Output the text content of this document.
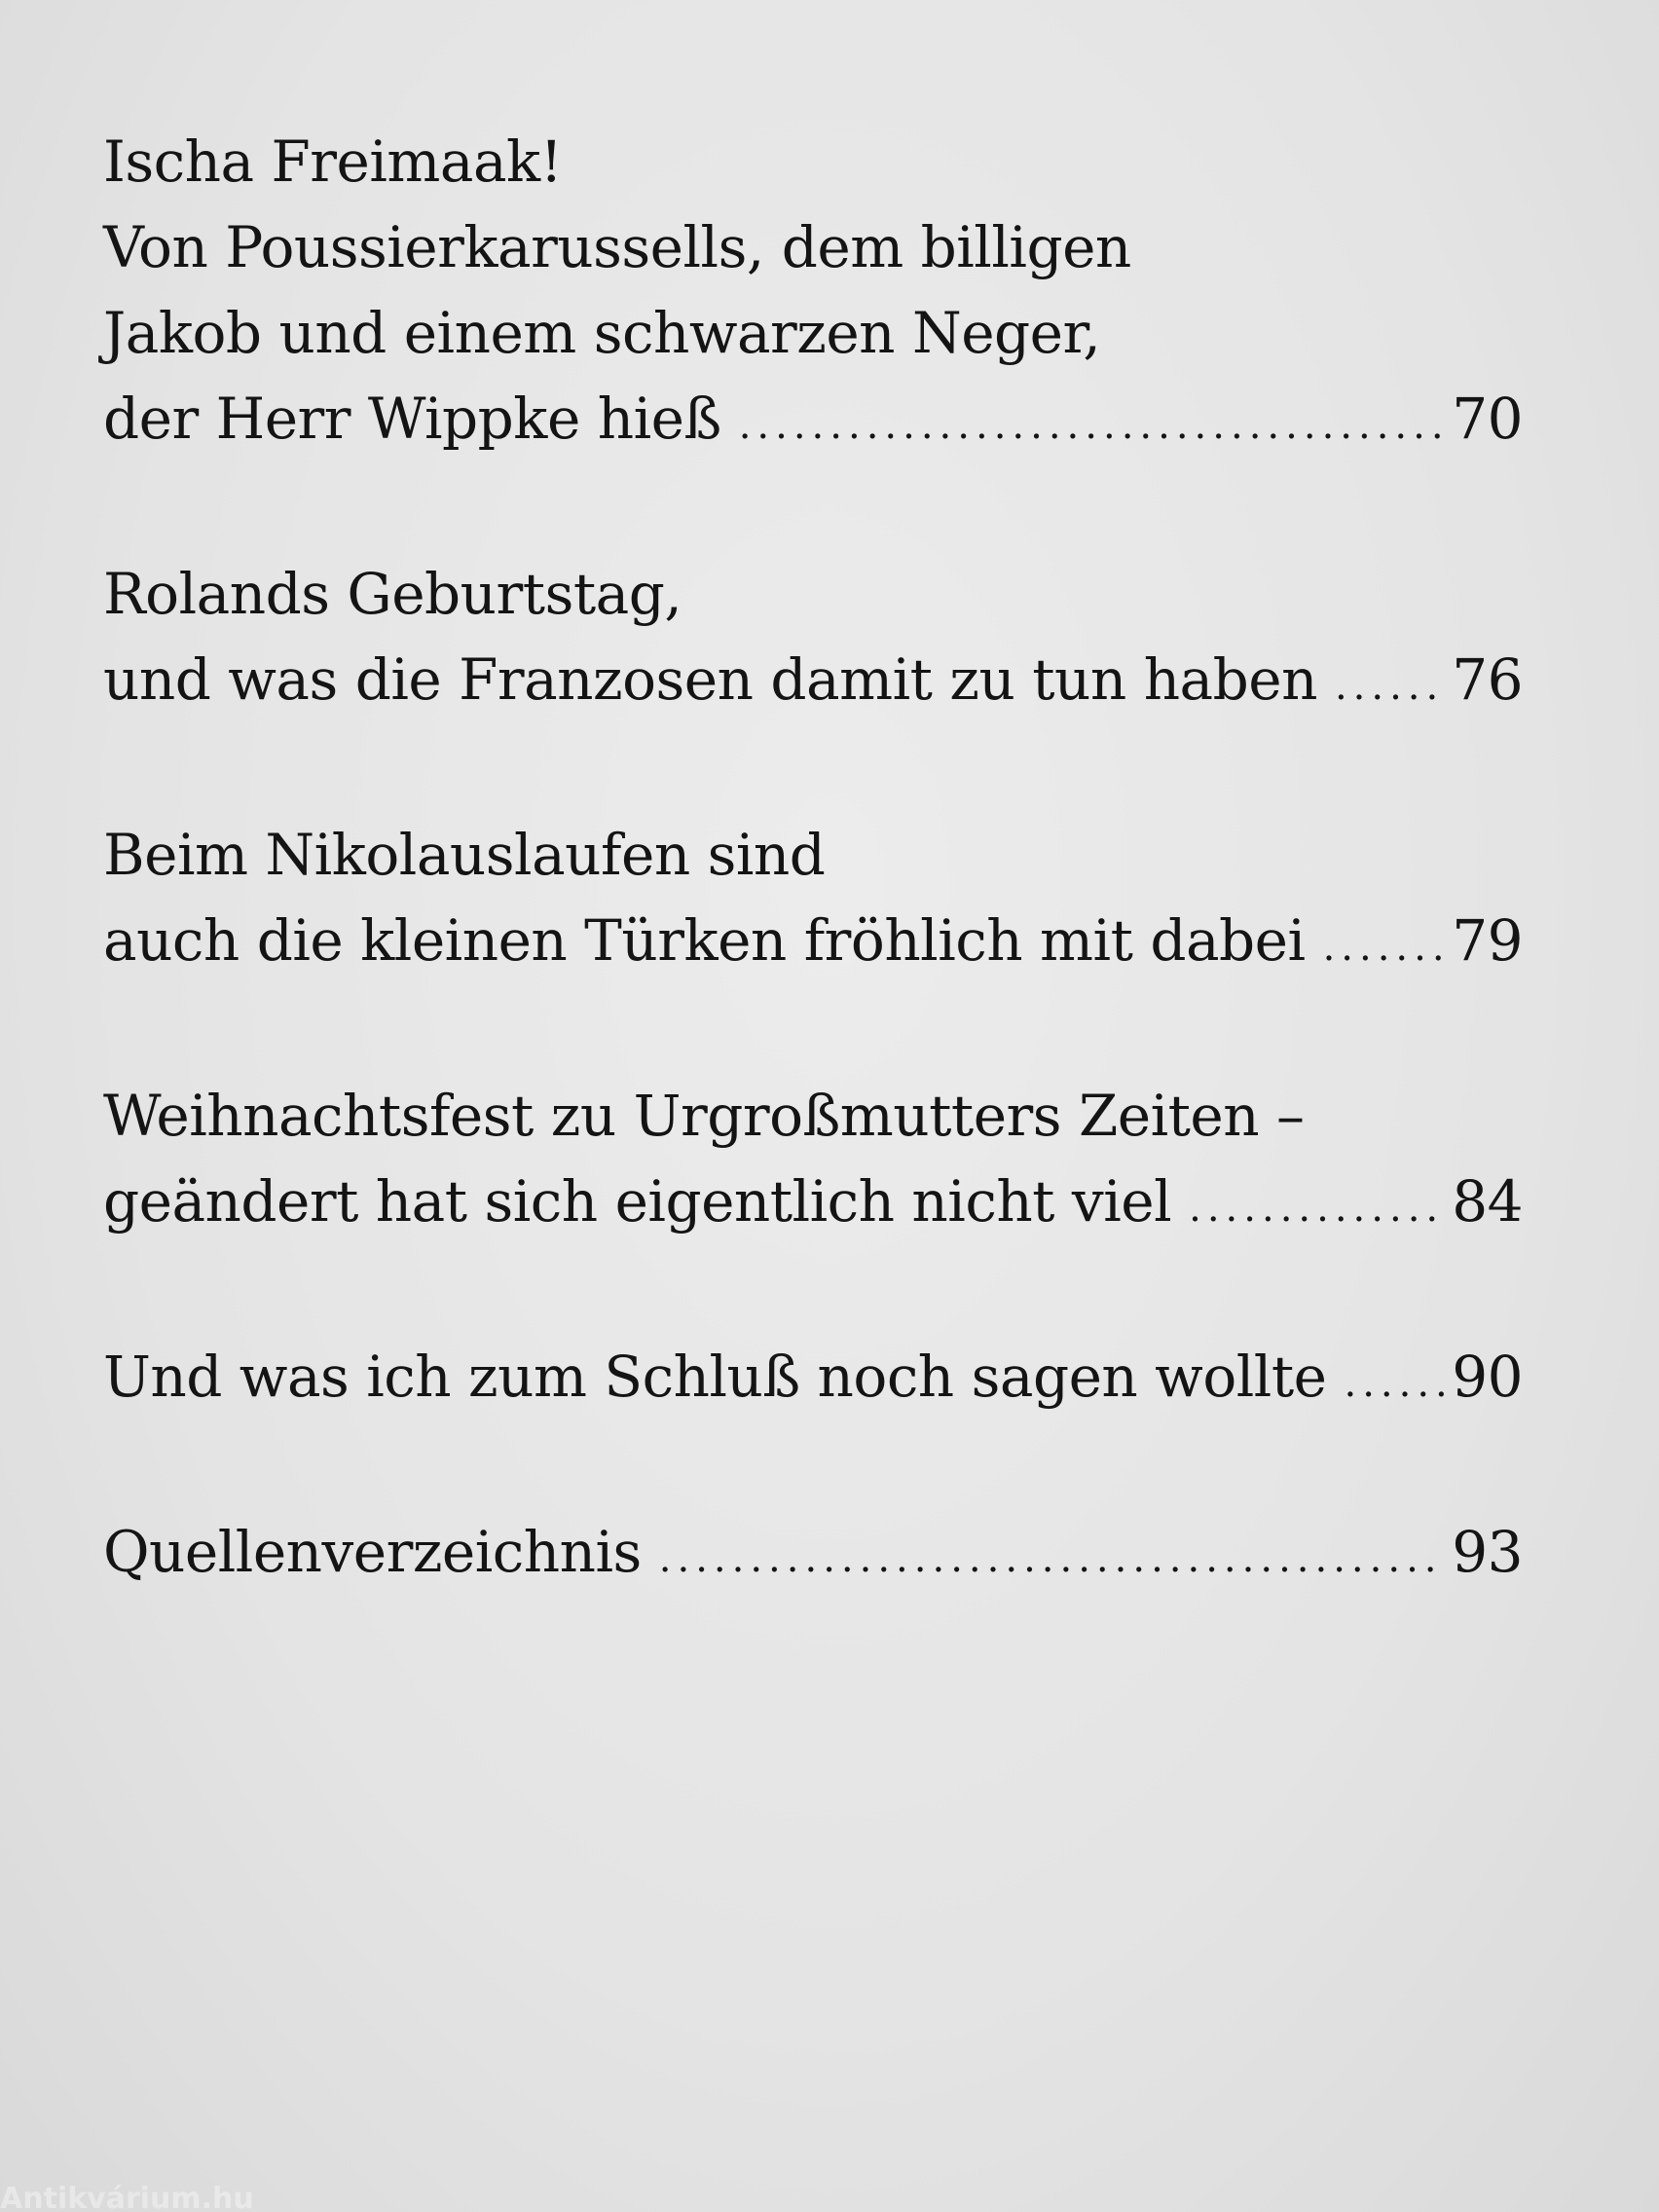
Ischa Freimaak!
Von Poussierkarussells, dem billigen
Jakob und einem schwarzen Neger,
der Herr Wippke hieß .....	70
Rolands Geburtstag,
und was die Franzosen damit zu tun haben ..... 76
Beim Nikolauslaufen sind
auch die kleinen Türken fröhlich mit dabei .....	79
Weihnachtsfest zu Urgroßmutters Zeiten –
geändert hat sich eigentlich nicht viel .....	84
Und was ich zum Schluß noch sagen wollte ..... 90
Quellenverzeichnis .....	93
Antikvárium.hu
